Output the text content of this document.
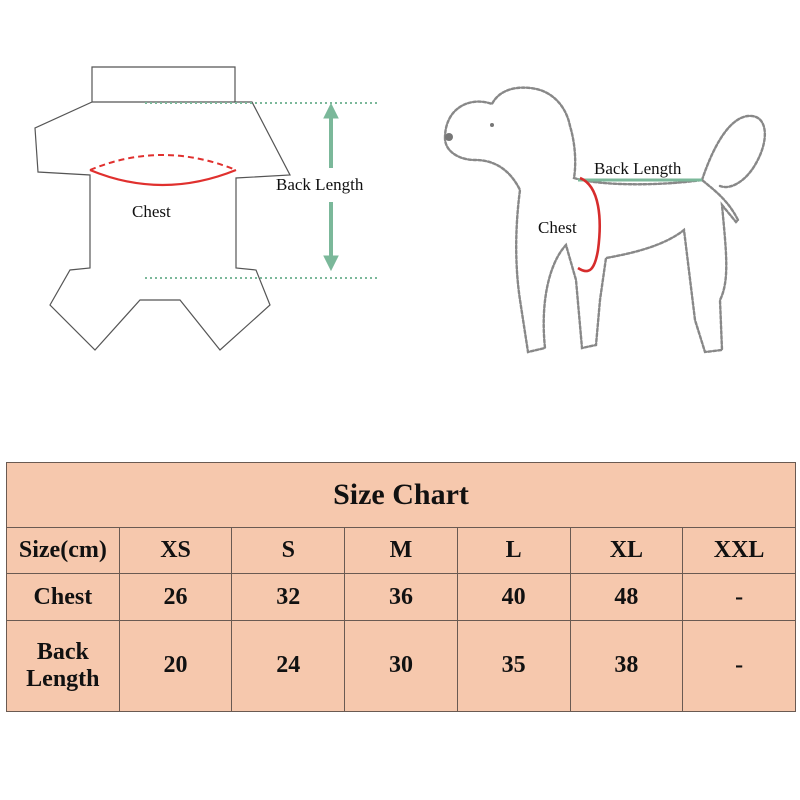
Chest
Back Length
Back Length
Chest
Size Chart						
Size(cm)	XS	S	M	L	XL	XXL
Chest	26	32	36	40	48	-
Back Length	20	24	30	35	38	-
